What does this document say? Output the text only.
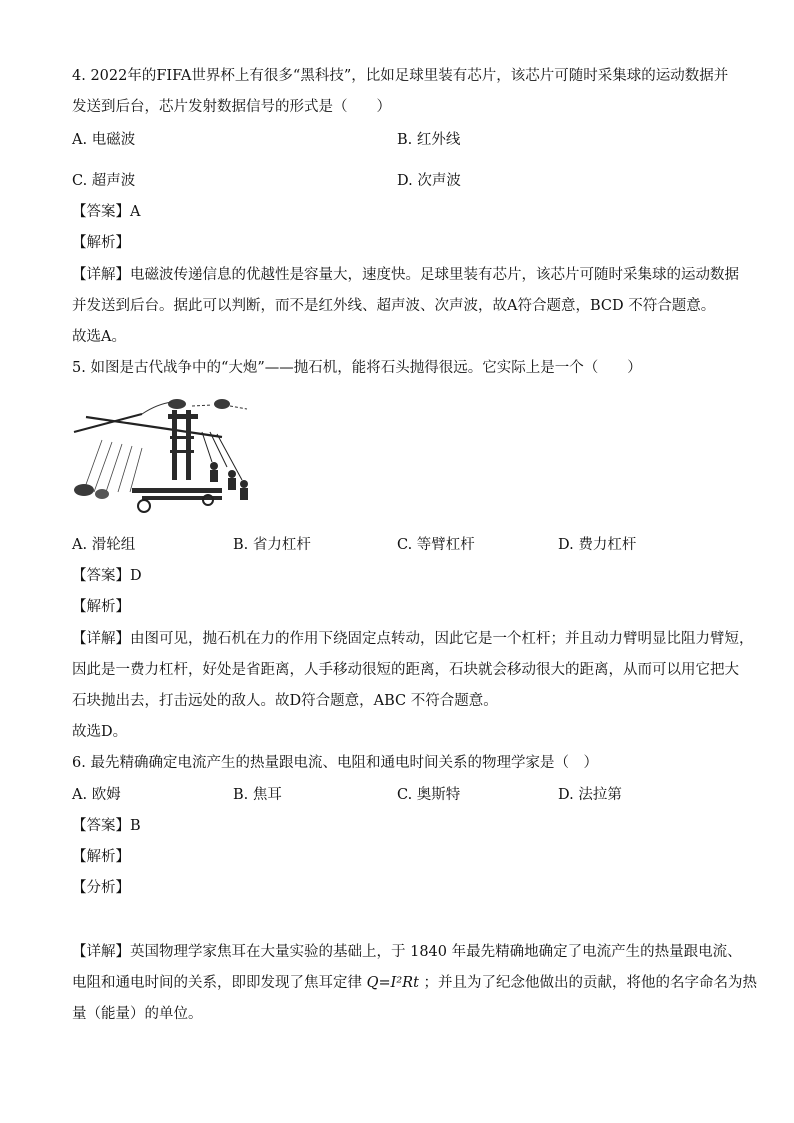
4. 2022年的FIFA世界杯上有很多“黑科技”，比如足球里装有芯片，该芯片可随时采集球的运动数据并
发送到后台，芯片发射数据信号的形式是（　　）
A. 电磁波	B. 红外线
C. 超声波	D. 次声波
【答案】A
【解析】
【详解】电磁波传递信息的优越性是容量大，速度快。足球里装有芯片，该芯片可随时采集球的运动数据
并发送到后台。据此可以判断，而不是红外线、超声波、次声波，故A符合题意，BCD 不符合题意。
故选A。
5. 如图是古代战争中的“大炮”——抛石机，能将石头抛得很远。它实际上是一个（　　）
A. 滑轮组	B. 省力杠杆	C. 等臂杠杆	D. 费力杠杆
【答案】D
【解析】
【详解】由图可见，抛石机在力的作用下绕固定点转动，因此它是一个杠杆；并且动力臂明显比阻力臂短，
因此是一费力杠杆，好处是省距离，人手移动很短的距离，石块就会移动很大的距离，从而可以用它把大
石块抛出去，打击远处的敌人。故D符合题意，ABC 不符合题意。
故选D。
6. 最先精确确定电流产生的热量跟电流、电阻和通电时间关系的物理学家是（　）
A. 欧姆	B. 焦耳	C. 奥斯特	D. 法拉第
【答案】B
【解析】
【分析】
【详解】英国物理学家焦耳在大量实验的基础上，于 1840 年最先精确地确定了电流产生的热量跟电流、
电阻和通电时间的关系，即即发现了焦耳定律 Q=I²Rt ；并且为了纪念他做出的贡献，将他的名字命名为热
量（能量）的单位。
